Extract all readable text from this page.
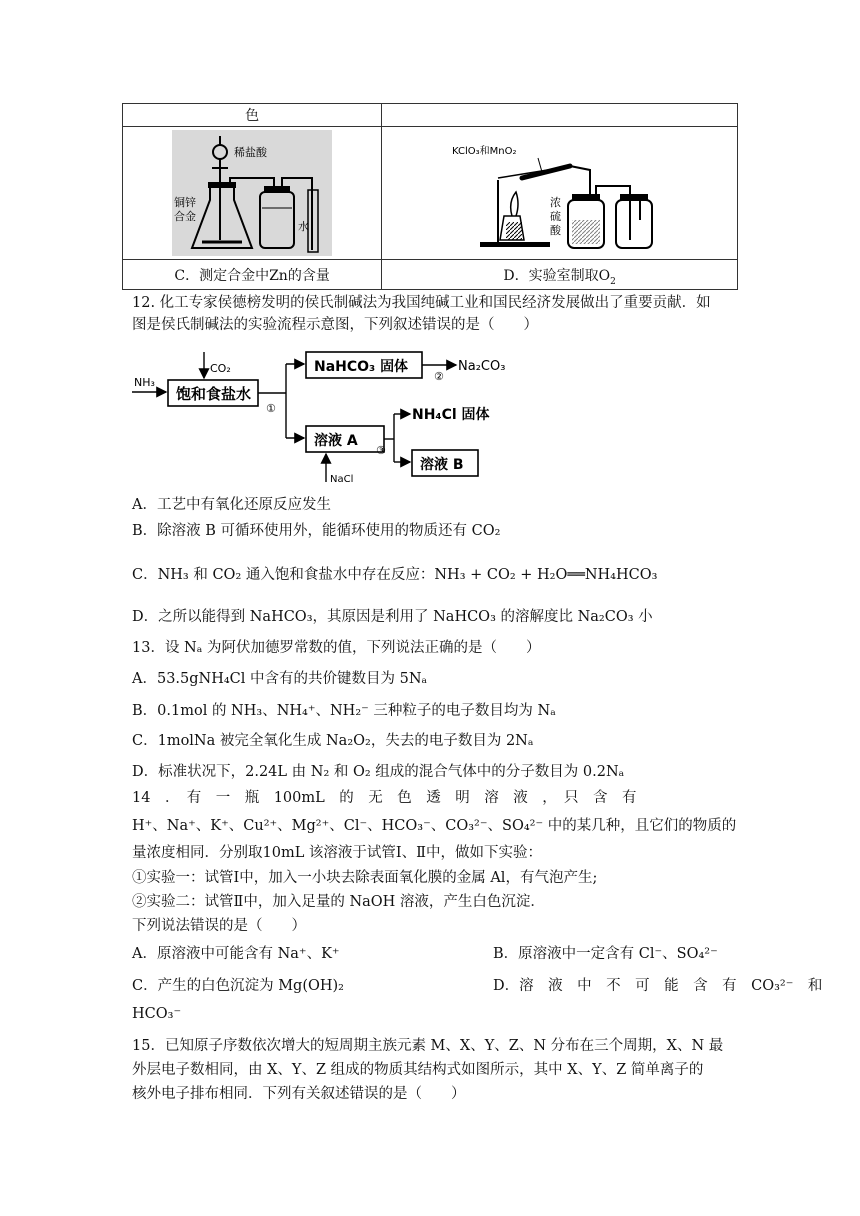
色	

稀盐酸
铜锌
合金
水	KClO₃和MnO₂
浓
硫
酸

C．测定合金中Zn的含量	D．实验室制取$O_2$
12. 化工专家侯德榜发明的侯氏制碱法为我国纯碱工业和国民经济发展做出了重要贡献．如
图是侯氏制碱法的实验流程示意图，下列叙述错误的是（　　）
NH₃
CO₂
饱和食盐水
①
NaHCO₃ 固体
②
Na₂CO₃
溶液 A
③
NH₄Cl 固体
溶液 B
NaCl
A．工艺中有氧化还原反应发生
B．除溶液 B 可循环使用外，能循环使用的物质还有 CO₂
C．NH₃ 和 CO₂ 通入饱和食盐水中存在反应：NH₃ + CO₂ + H₂O══NH₄HCO₃
D．之所以能得到 NaHCO₃，其原因是利用了 NaHCO₃ 的溶解度比 Na₂CO₃ 小
13．设 Nₐ 为阿伏加德罗常数的值，下列说法正确的是（　　）
A．53.5gNH₄Cl 中含有的共价键数目为 5Nₐ
B．0.1mol 的 NH₃、NH₄⁺、NH₂⁻ 三种粒子的电子数目均为 Nₐ
C．1molNa 被完全氧化生成 Na₂O₂，失去的电子数目为 2Nₐ
D．标准状况下，2.24L 由 N₂ 和 O₂ 组成的混合气体中的分子数目为 0.2Nₐ
14　．　有　一　瓶　100mL　的　无　色　透　明　溶　液　，　只　含　有
H⁺、Na⁺、K⁺、Cu²⁺、Mg²⁺、Cl⁻、HCO₃⁻、CO₃²⁻、SO₄²⁻ 中的某几种，且它们的物质的
量浓度相同．分别取10mL 该溶液于试管Ⅰ、Ⅱ中，做如下实验：
①实验一：试管Ⅰ中，加入一小块去除表面氧化膜的金属 Al，有气泡产生;
②实验二：试管Ⅱ中，加入足量的 NaOH 溶液，产生白色沉淀．
下列说法错误的是（　　）
A．原溶液中可能含有 Na⁺、K⁺	B．原溶液中一定含有 Cl⁻、SO₄²⁻
C．产生的白色沉淀为 Mg(OH)₂	D．溶　液　中　不　可　能　含　有　CO₃²⁻　和
HCO₃⁻
15．已知原子序数依次增大的短周期主族元素 M、X、Y、Z、N 分布在三个周期，X、N 最
外层电子数相同，由 X、Y、Z 组成的物质其结构式如图所示，其中 X、Y、Z 简单离子的
核外电子排布相同．下列有关叙述错误的是（　　）
